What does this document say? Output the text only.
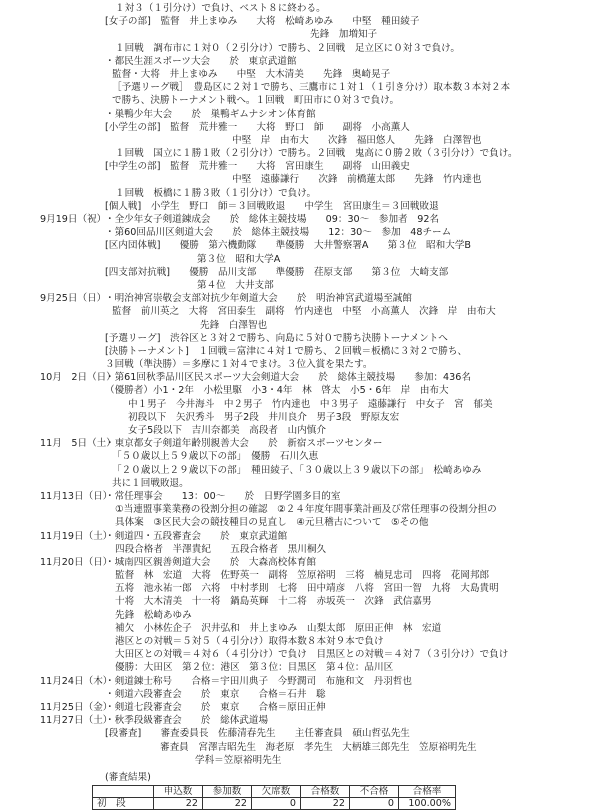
１対３（１引分け）で負け、ベスト８に終わる。
[女子の部]　監督　井上まゆみ　　大将　松崎あゆみ　　中堅　種田綾子
先鋒　加増知子
１回戦　調布市に１対０（２引分け）で勝ち、２回戦　足立区に０対３で負け。
・都民生涯スポーツ大会　　於　東京武道館
監督・大将　井上まゆみ　　中堅　大木清美　　先鋒　奥崎晃子
［予選リーグ戦］　豊島区に２対１で勝ち、三鷹市に１対１（１引き分け）取本数３本対２本
で勝ち、決勝トーナメント戦へ。１回戦　町田市に０対３で負け。
・巣鴨少年大会　　於　巣鴨ギムナシオン体育館
[小学生の部]　監督　荒井雅一　　大将　野口　師　　副将　小高薫人
中堅　岸　由布大　　次鋒　福田悠人　　先鋒　白澤智也
１回戦　国立に１勝１敗（２引分け）で勝ち。２回戦　鬼高に０勝２敗（３引分け）で負け。
[中学生の部]　監督　荒井雅一　　大将　宮田康生　　副将　山田義史
中堅　遠藤謙行　　次鋒　前橋蓮太郎　　先鋒　竹内達也
１回戦　板橋に１勝３敗（１引分け）で負け。
[個人戦]　小学生　野口　師＝３回戦敗退　　中学生　宮田康生＝３回戦敗退
9月19日（祝）
・全少年女子剣道錬成会　　於　総体主競技場　　09：30～　参加者　92名
・第60回品川区剣道大会　　於　総体主競技場　　12：30～　参加　48チーム
[区内団体戦]　　優勝　第六機動隊　　準優勝　大井警察署A　　第３位　昭和大学B
第３位　昭和大学A
[四支部対抗戦]　　優勝　品川支部　　準優勝　荏原支部　　第３位　大崎支部
第４位　大井支部
9月25日（日）
・明治神宮崇敬会支部対抗少年剣道大会　　於　明治神宮武道場至誠館
監督　前川英之　大将　宮田泰生　副将　竹内達也　中堅　小高薫人　次鋒　岸　由布大
先鋒　白澤智也
[予選リーグ]　渋谷区と３対２で勝ち、向島に５対０で勝ち決勝トーナメントへ
[決勝トーナメント]　１回戦＝富津に４対１で勝ち、２回戦＝板橋に３対２で勝ち、
３回戦（準決勝）＝多摩に１対４でまけ。３位入賞を果たす。
10月　2日（日）
・第61回秋季品川区民スポーツ大会剣道大会　　於　総体主競技場　　参加：436名
（優勝者）小1・2年　小松里駆　小3・4年　林　啓太　小5・6年　岸　由布大
中１男子　今井海斗　中２男子　竹内達也　中３男子　遠藤謙行　中女子　宮　郁美
初段以下　矢沢秀斗　男子2段　井川良介　男子3段　野原友宏
女子5段以下　吉川奈都美　高段者　山内慎介
11月　5日（土）
・東京都女子剣道年齢別親善大会　　於　新宿スポーツセンター
「５０歳以上５９歳以下の部」　優勝　石川久恵
「２０歳以上２９歳以下の部」　種田綾子、「３０歳以上３９歳以下の部」　松崎あゆみ
共に１回戦敗退。
11月13日（日）
・常任理事会　　13：00～　　於　日野学園多目的室
①当連盟事業業務の役割分担の確認　②２４年度年間事業計画及び常任理事の役割分担の
具体案　③区民大会の競技種目の見直し　④元旦稽古について　⑤その他
11月19日（土）
・剣道四・五段審査会　　於　東京武道館
四段合格者　半澤貴紀　　五段合格者　黒川桐久
11月20日（日）
・城南四区親善剣道大会　　於　大森高校体育館
監督　林　宏道　大将　佐野英一　副将　笠原裕明　三将　楠見忠司　四将　花岡邦郎
五将　池永祐一郎　六将　中村孝則　七将　田中靖彦　八将　宮田一智　九将　大島貴明
十将　大木清美　十一将　鍋島英輝　十二将　赤坂英一　次鋒　武信嘉男
先鋒　松崎あゆみ
補欠　小林佐企子　沢井弘和　井上まゆみ　山梨太郎　原田正伸　林　宏道
港区との対戦＝５対５（４引分け）取得本数８本対９本で負け
大田区との対戦＝４対６（４引分け）で負け　目黒区との対戦＝４対７（３引分け）で負け
優勝：大田区　第２位：港区　第３位：目黒区　第４位：品川区
11月24日（木）
・剣道錬士称号　　合格＝宇田川典子　今野潤司　布施和文　丹羽哲也
・剣道六段審査会　　於　東京　　合格＝石井　聡
11月25日（金）
・剣道七段審査会　　於　東京　　合格＝原田正伸
11月27日（土）
・秋季段級審査会　　於　総体武道場
[段審査]　　審査委員長　佐藤清春先生　　主任審査員　碩山哲弘先生
審査員　宮澤吉昭先生　海老原　孝先生　大柄雄三郎先生　笠原裕明先生
学科＝笠原裕明先生

(審査結果)

	申込数	参加数	欠席数	合格数	不合格	合格率
初　段	22	22	0	22	0	100.00%
